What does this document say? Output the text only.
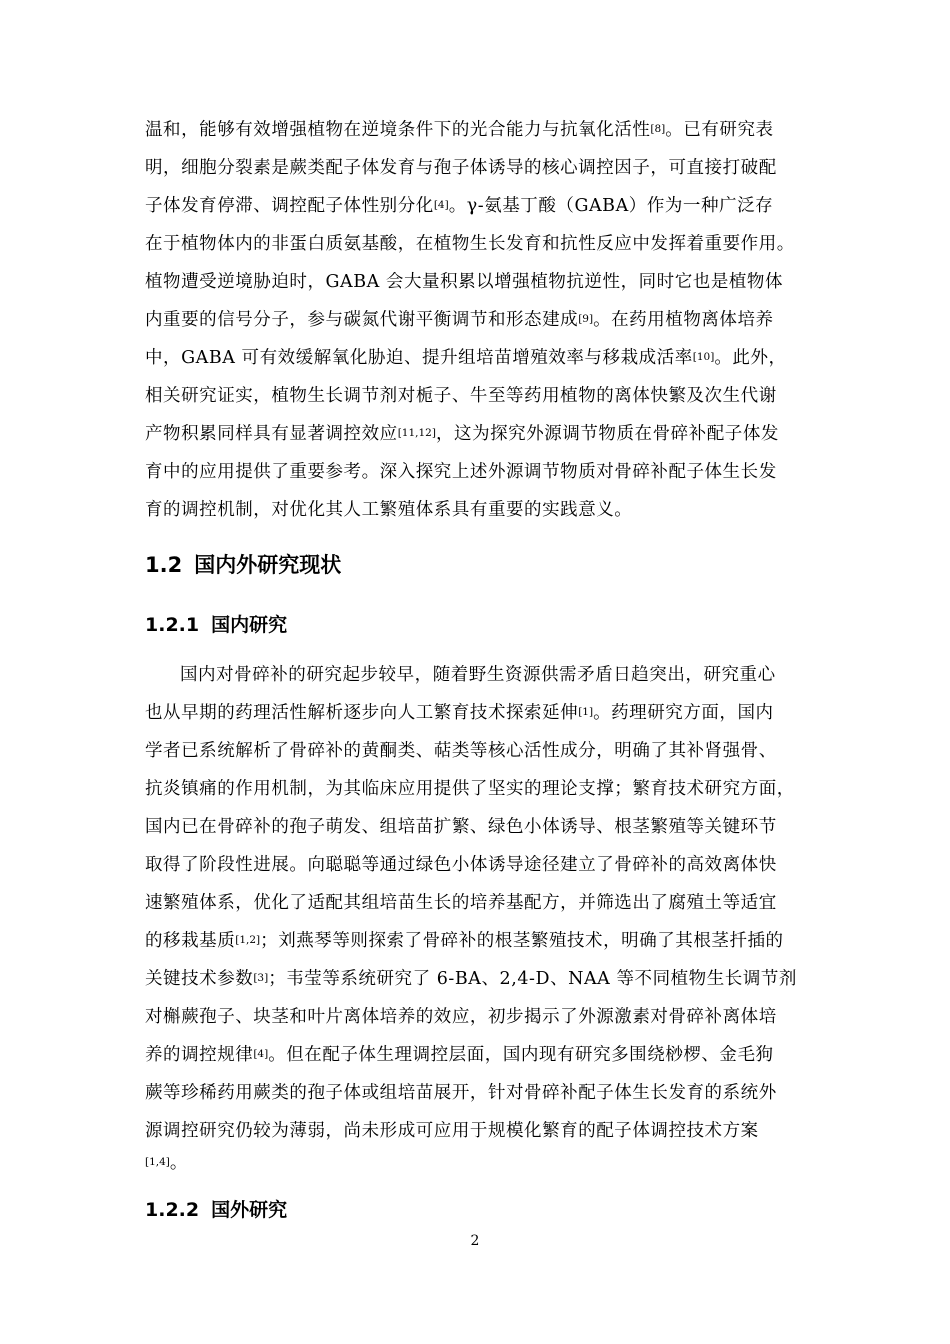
温和，能够有效增强植物在逆境条件下的光合能力与抗氧化活性[8]。已有研究表
明，细胞分裂素是蕨类配子体发育与孢子体诱导的核心调控因子，可直接打破配
子体发育停滞、调控配子体性别分化[4]。γ-氨基丁酸（GABA）作为一种广泛存
在于植物体内的非蛋白质氨基酸，在植物生长发育和抗性反应中发挥着重要作用。
植物遭受逆境胁迫时，GABA 会大量积累以增强植物抗逆性，同时它也是植物体
内重要的信号分子，参与碳氮代谢平衡调节和形态建成[9]。在药用植物离体培养
中，GABA 可有效缓解氧化胁迫、提升组培苗增殖效率与移栽成活率[10]。此外，
相关研究证实，植物生长调节剂对栀子、牛至等药用植物的离体快繁及次生代谢
产物积累同样具有显著调控效应[11,12]，这为探究外源调节物质在骨碎补配子体发
育中的应用提供了重要参考。深入探究上述外源调节物质对骨碎补配子体生长发
育的调控机制，对优化其人工繁殖体系具有重要的实践意义。
1.2 国内外研究现状
1.2.1 国内研究
国内对骨碎补的研究起步较早，随着野生资源供需矛盾日趋突出，研究重心
也从早期的药理活性解析逐步向人工繁育技术探索延伸[1]。药理研究方面，国内
学者已系统解析了骨碎补的黄酮类、萜类等核心活性成分，明确了其补肾强骨、
抗炎镇痛的作用机制，为其临床应用提供了坚实的理论支撑；繁育技术研究方面，
国内已在骨碎补的孢子萌发、组培苗扩繁、绿色小体诱导、根茎繁殖等关键环节
取得了阶段性进展。向聪聪等通过绿色小体诱导途径建立了骨碎补的高效离体快
速繁殖体系，优化了适配其组培苗生长的培养基配方，并筛选出了腐殖土等适宜
的移栽基质[1,2]；刘燕琴等则探索了骨碎补的根茎繁殖技术，明确了其根茎扦插的
关键技术参数[3]；韦莹等系统研究了 6-BA、2,4-D、NAA 等不同植物生长调节剂
对槲蕨孢子、块茎和叶片离体培养的效应，初步揭示了外源激素对骨碎补离体培
养的调控规律[4]。但在配子体生理调控层面，国内现有研究多围绕桫椤、金毛狗
蕨等珍稀药用蕨类的孢子体或组培苗展开，针对骨碎补配子体生长发育的系统外
源调控研究仍较为薄弱，尚未形成可应用于规模化繁育的配子体调控技术方案
[1,4]。
1.2.2 国外研究
2
